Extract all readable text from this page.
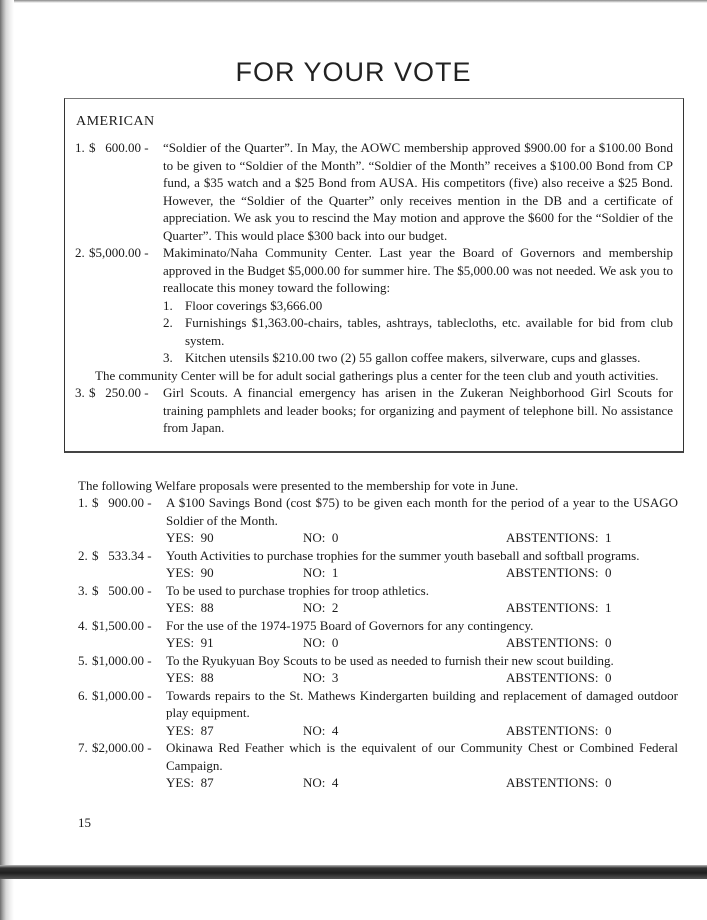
FOR YOUR VOTE
AMERICAN
1. $   600.00 -	“Soldier of the Quarter”. In May, the AOWC membership approved $900.00 for a $100.00 Bond to be given to “Soldier of the Month”. “Soldier of the Month” receives a $100.00 Bond from CP fund, a $35 watch and a $25 Bond from AUSA. His competitors (five) also receive a $25 Bond. However, the “Soldier of the Quarter” only receives mention in the DB and a certificate of appreciation. We ask you to rescind the May motion and approve the $600 for the “Soldier of the Quarter”. This would place $300 back into our budget.
2. $5,000.00 -	Makiminato/Naha Community Center. Last year the Board of Governors and membership approved in the Budget $5,000.00 for summer hire. The $5,000.00 was not needed. We ask you to reallocate this money toward the following:
1. Floor coverings $3,666.00
2. Furnishings $1,363.00-chairs, tables, ashtrays, tablecloths, etc. available for bid from club system.
3. Kitchen utensils $210.00 two (2) 55 gallon coffee makers, silverware, cups and glasses.
The community Center will be for adult social gatherings plus a center for the teen club and youth activities.
3. $   250.00 -	Girl Scouts. A financial emergency has arisen in the Zukeran Neighborhood Girl Scouts for training pamphlets and leader books; for organizing and payment of telephone bill. No assistance from Japan.
The following Welfare proposals were presented to the membership for vote in June.
1. $   900.00 -	A $100 Savings Bond (cost $75) to be given each month for the period of a year to the USAGO Soldier of the Month.
YES: 90	NO: 0	ABSTENTIONS: 1
2. $   533.34 -	Youth Activities to purchase trophies for the summer youth baseball and softball programs.
YES: 90	NO: 1	ABSTENTIONS: 0
3. $   500.00 -	To be used to purchase trophies for troop athletics.
YES: 88	NO: 2	ABSTENTIONS: 1
4. $1,500.00 -	For the use of the 1974-1975 Board of Governors for any contingency.
YES: 91	NO: 0	ABSTENTIONS: 0
5. $1,000.00 -	To the Ryukyuan Boy Scouts to be used as needed to furnish their new scout building.
YES: 88	NO: 3	ABSTENTIONS: 0
6. $1,000.00 -	Towards repairs to the St. Mathews Kindergarten building and replacement of damaged outdoor play equipment.
YES: 87	NO: 4	ABSTENTIONS: 0
7. $2,000.00 -	Okinawa Red Feather which is the equivalent of our Community Chest or Combined Federal Campaign.
YES: 87	NO: 4	ABSTENTIONS: 0
15
